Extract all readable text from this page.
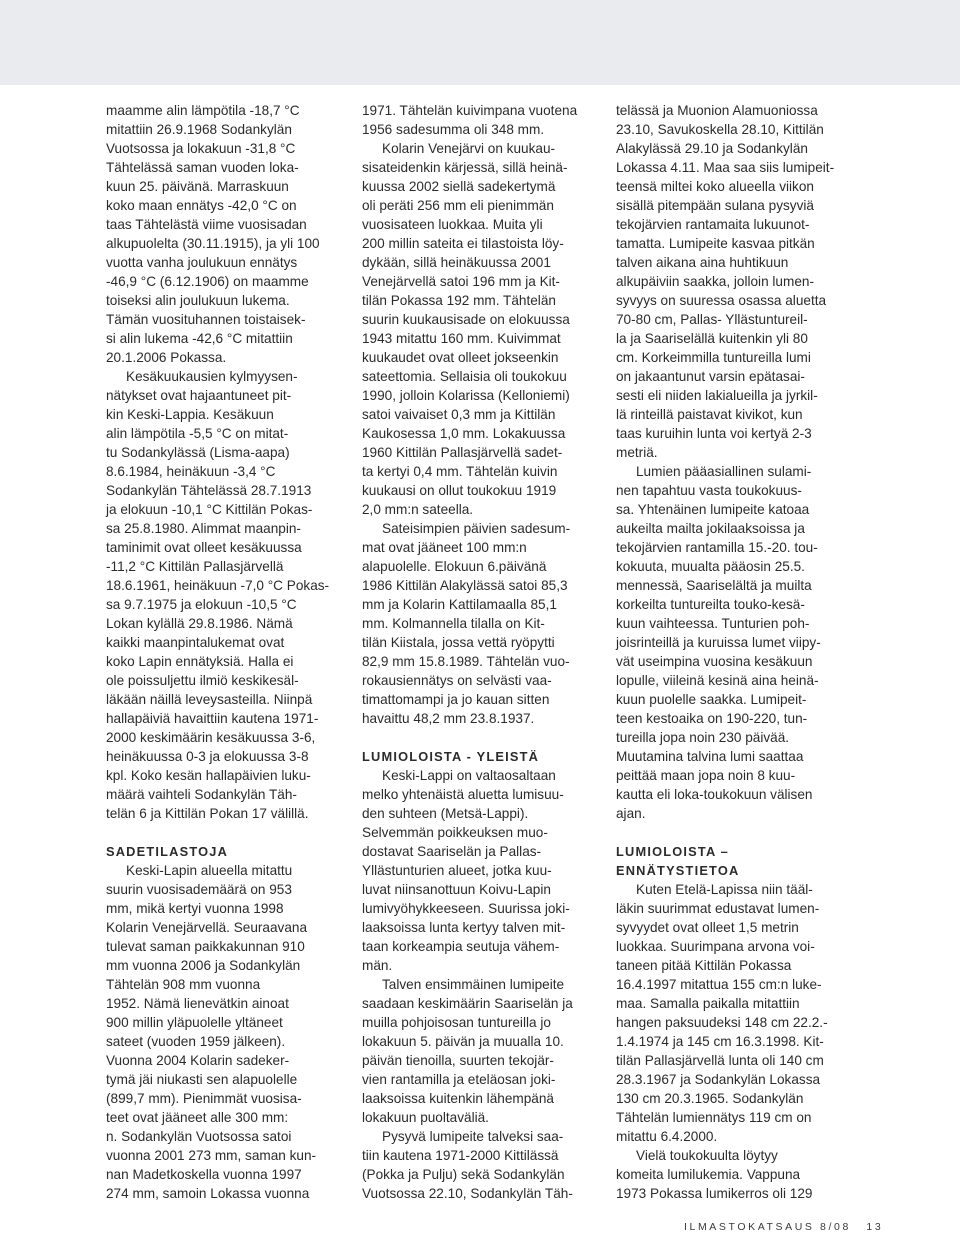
maamme alin lämpötila -18,7 °C
mitattiin 26.9.1968 Sodankylän
Vuotsossa ja lokakuun -31,8 °C
Tähtelässä saman vuoden loka-
kuun 25. päivänä. Marraskuun
koko maan ennätys -42,0 °C on
taas Tähtelästä viime vuosisadan
alkupuolelta (30.11.1915), ja yli 100
vuotta vanha joulukuun ennätys
-46,9 °C (6.12.1906) on maamme
toiseksi alin joulukuun lukema.
Tämän vuosituhannen toistaisek-
si alin lukema -42,6 °C mitattiin
20.1.2006 Pokassa.
Kesäkuukausien kylmyysen-
nätykset ovat hajaantuneet pit-
kin Keski-Lappia. Kesäkuun
alin lämpötila -5,5 °C on mitat-
tu Sodankylässä (Lisma-aapa)
8.6.1984, heinäkuun -3,4 °C
Sodankylän Tähtelässä 28.7.1913
ja elokuun -10,1 °C Kittilän Pokas-
sa 25.8.1980. Alimmat maanpin-
taminimit ovat olleet kesäkuussa
-11,2 °C Kittilän Pallasjärvellä
18.6.1961, heinäkuun -7,0 °C Pokas-
sa 9.7.1975 ja elokuun -10,5 °C
Lokan kylällä 29.8.1986. Nämä
kaikki maanpintalukemat ovat
koko Lapin ennätyksiä. Halla ei
ole poissuljettu ilmiö keskikesäl-
läkään näillä leveysasteilla. Niinpä
hallapäiviä havaittiin kautena 1971-
2000 keskimäärin kesäkuussa 3-6,
heinäkuussa 0-3 ja elokuussa 3-8
kpl. Koko kesän hallapäivien luku-
määrä vaihteli Sodankylän Täh-
telän 6 ja Kittilän Pokan 17 välillä.
SADETILASTOJA
Keski-Lapin alueella mitattu
suurin vuosisademäärä on 953
mm, mikä kertyi vuonna 1998
Kolarin Venejärvellä. Seuraavana
tulevat saman paikkakunnan 910
mm vuonna 2006 ja Sodankylän
Tähtelän 908 mm vuonna
1952. Nämä lienevätkin ainoat
900 millin yläpuolelle yltäneet
sateet (vuoden 1959 jälkeen).
Vuonna 2004 Kolarin sadeker-
tymä jäi niukasti sen alapuolelle
(899,7 mm). Pienimmät vuosisa-
teet ovat jääneet alle 300 mm:
n. Sodankylän Vuotsossa satoi
vuonna 2001 273 mm, saman kun-
nan Madetkoskella vuonna 1997
274 mm, samoin Lokassa vuonna
1971. Tähtelän kuivimpana vuotena
1956 sadesumma oli 348 mm.
Kolarin Venejärvi on kuukau-
sisateidenkin kärjessä, sillä heinä-
kuussa 2002 siellä sadekertymä
oli peräti 256 mm eli pienimmän
vuosisateen luokkaa. Muita yli
200 millin sateita ei tilastoista löy-
dykään, sillä heinäkuussa 2001
Venejärvellä satoi 196 mm ja Kit-
tilän Pokassa 192 mm. Tähtelän
suurin kuukausisade on elokuussa
1943 mitattu 160 mm. Kuivimmat
kuukaudet ovat olleet jokseenkin
sateettomia. Sellaisia oli toukokuu
1990, jolloin Kolarissa (Kelloniemi)
satoi vaivaiset 0,3 mm ja Kittilän
Kaukosessa 1,0 mm. Lokakuussa
1960 Kittilän Pallasjärvellä sadet-
ta kertyi 0,4 mm. Tähtelän kuivin
kuukausi on ollut toukokuu 1919
2,0 mm:n sateella.
Sateisimpien päivien sadesum-
mat ovat jääneet 100 mm:n
alapuolelle. Elokuun 6.päivänä
1986 Kittilän Alakylässä satoi 85,3
mm ja Kolarin Kattilamaalla 85,1
mm. Kolmannella tilalla on Kit-
tilän Kiistala, jossa vettä ryöpytti
82,9 mm 15.8.1989. Tähtelän vuo-
rokausiennätys on selvästi vaa-
timattomampi ja jo kauan sitten
havaittu 48,2 mm 23.8.1937.
LUMIOLOISTA - YLEISTÄ
Keski-Lappi on valtaosaltaan
melko yhtenäistä aluetta lumisuu-
den suhteen (Metsä-Lappi).
Selvemmän poikkeuksen muo-
dostavat Saariselän ja Pallas-
Yllästunturien alueet, jotka kuu-
luvat niinsanottuun Koivu-Lapin
lumivyöhykkeeseen. Suurissa joki-
laaksoissa lunta kertyy talven mit-
taan korkeampia seutuja vähem-
män.
Talven ensimmäinen lumipeite
saadaan keskimäärin Saariselän ja
muilla pohjoisosan tuntureilla jo
lokakuun 5. päivän ja muualla 10.
päivän tienoilla, suurten tekojär-
vien rantamilla ja eteläosan joki-
laaksoissa kuitenkin lähempänä
lokakuun puoltaväliä.
Pysyvä lumipeite talveksi saa-
tiin kautena 1971-2000 Kittilässä
(Pokka ja Pulju) sekä Sodankylän
Vuotsossa 22.10, Sodankylän Täh-
telässä ja Muonion Alamuoniossa
23.10, Savukoskella 28.10, Kittilän
Alakylässä 29.10 ja Sodankylän
Lokassa 4.11. Maa saa siis lumipeit-
teensä miltei koko alueella viikon
sisällä pitempään sulana pysyviä
tekojärvien rantamaita lukuunot-
tamatta. Lumipeite kasvaa pitkän
talven aikana aina huhtikuun
alkupäiviin saakka, jolloin lumen-
syvyys on suuressa osassa aluetta
70-80 cm, Pallas- Yllästuntureil-
la ja Saariselällä kuitenkin yli 80
cm. Korkeimmilla tuntureilla lumi
on jakaantunut varsin epätasai-
sesti eli niiden lakialueilla ja jyrkil-
lä rinteillä paistavat kivikot, kun
taas kuruihin lunta voi kertyä 2-3
metriä.
Lumien pääasiallinen sulami-
nen tapahtuu vasta toukokuus-
sa. Yhtenäinen lumipeite katoaa
aukeilta mailta jokilaaksoissa ja
tekojärvien rantamilla 15.-20. tou-
kokuuta, muualta pääosin 25.5.
mennessä, Saariselältä ja muilta
korkeilta tuntureilta touko-kesä-
kuun vaihteessa. Tunturien poh-
joisrinteillä ja kuruissa lumet viipy-
vät useimpina vuosina kesäkuun
lopulle, viileinä kesinä aina heinä-
kuun puolelle saakka. Lumipeit-
teen kestoaika on 190-220, tun-
tureilla jopa noin 230 päivää.
Muutamina talvina lumi saattaa
peittää maan jopa noin 8 kuu-
kautta eli loka-toukokuun välisen
ajan.
LUMIOLOISTA –
ENNÄTYSTIETOA
Kuten Etelä-Lapissa niin tääl-
läkin suurimmat edustavat lumen-
syvyydet ovat olleet 1,5 metrin
luokkaa. Suurimpana arvona voi-
taneen pitää Kittilän Pokassa
16.4.1997 mitattua 155 cm:n luke-
maa. Samalla paikalla mitattiin
hangen paksuudeksi 148 cm 22.2.-
1.4.1974 ja 145 cm 16.3.1998. Kit-
tilän Pallasjärvellä lunta oli 140 cm
28.3.1967 ja Sodankylän Lokassa
130 cm 20.3.1965. Sodankylän
Tähtelän lumiennätys 119 cm on
mitattu 6.4.2000.
Vielä toukokuulta löytyy
komeita lumilukemia. Vappuna
1973 Pokassa lumikerros oli 129
ILMASTOKATSAUS 8/08 13
